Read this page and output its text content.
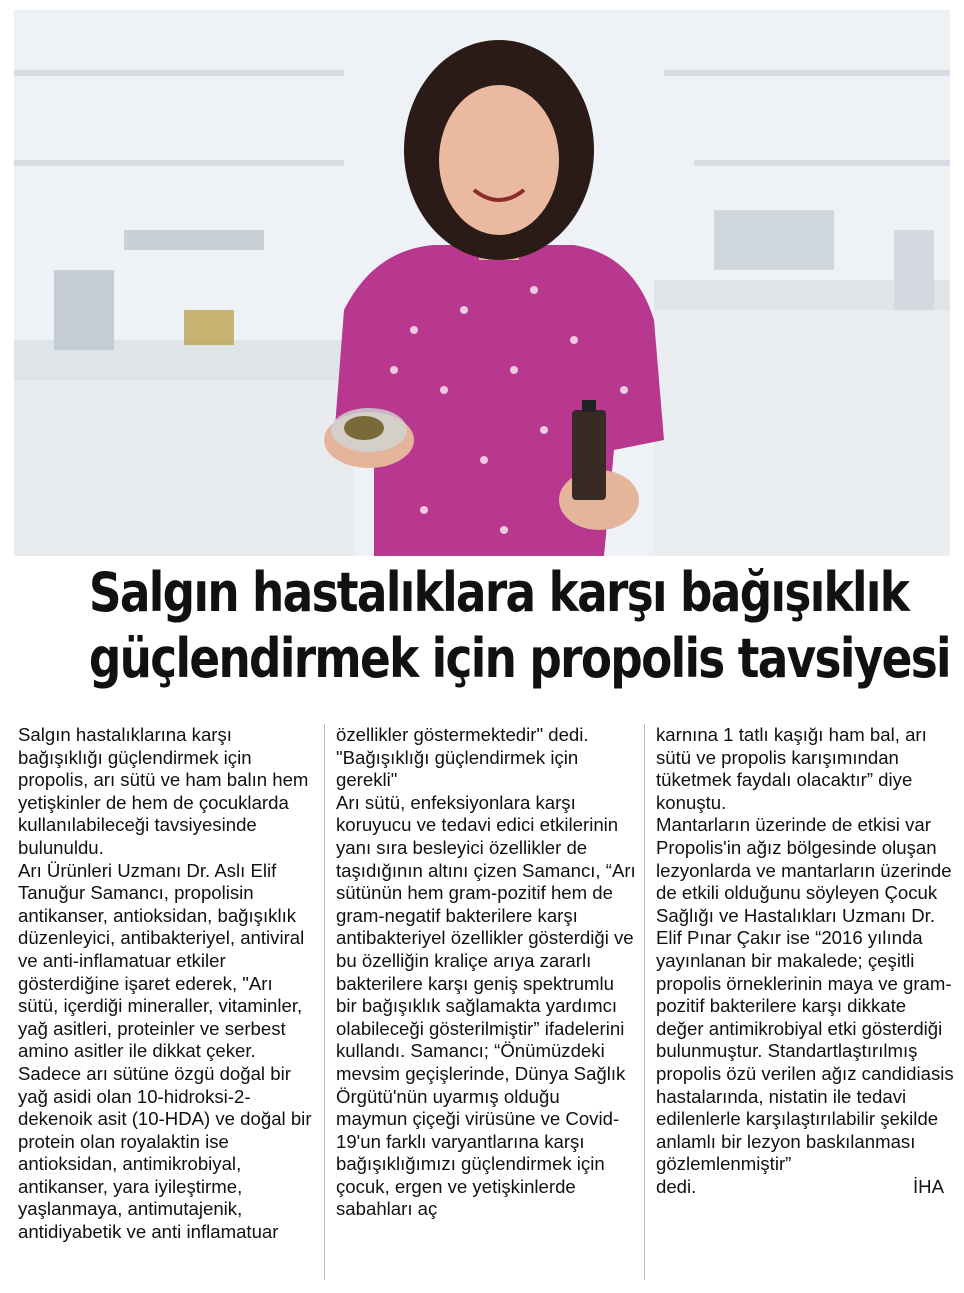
Salgın hastalıklara karşı bağışıklık
güçlendirmek için propolis tavsiyesi

Salgın hastalıklarına karşı bağışıklığı güçlendirmek için propolis, arı sütü ve ham balın hem yetişkinler de hem de çocuklarda kullanılabileceği tavsiyesinde bulunuldu.

Arı Ürünleri Uzmanı Dr. Aslı Elif Tanuğur Samancı, propolisin antikanser, antioksidan, bağışıklık düzenleyici, antibakteriyel, antiviral ve anti-inflamatuar etkiler gösterdiğine işaret ederek, "Arı sütü, içerdiği mineraller, vitaminler, yağ asitleri, proteinler ve serbest amino asitler ile dikkat çeker.

Sadece arı sütüne özgü doğal bir yağ asidi olan 10-hidroksi-2-dekenoik asit (10-HDA) ve doğal bir protein olan royalaktin ise antioksidan, antimikrobiyal, antikanser, yara iyileştirme, yaşlanmaya, antimutajenik, antidiyabetik ve anti inflamatuar

özellikler göstermektedir" dedi.

"Bağışıklığı güçlendirmek için gerekli"

Arı sütü, enfeksiyonlara karşı koruyucu ve tedavi edici etkilerinin yanı sıra besleyici özellikler de taşıdığının altını çizen Samancı, “Arı sütünün hem gram-pozitif hem de gram-negatif bakterilere karşı antibakteriyel özellikler gösterdiği ve bu özelliğin kraliçe arıya zararlı bakterilere karşı geniş spektrumlu bir bağışıklık sağlamakta yardımcı olabileceği gösterilmiştir” ifadelerini kullandı. Samancı; “Önümüzdeki mevsim geçişlerinde, Dünya Sağlık Örgütü'nün uyarmış olduğu maymun çiçeği virüsüne ve Covid-19'un farklı varyantlarına karşı bağışıklığımızı güçlendirmek için çocuk, ergen ve yetişkinlerde sabahları aç

karnına 1 tatlı kaşığı ham bal, arı sütü ve propolis karışımından tüketmek faydalı olacaktır” diye konuştu.

Mantarların üzerinde de etkisi var

Propolis'in ağız bölgesinde oluşan lezyonlarda ve mantarların üzerinde de etkili olduğunu söyleyen Çocuk Sağlığı ve Hastalıkları Uzmanı Dr. Elif Pınar Çakır ise “2016 yılında yayınlanan bir makalede; çeşitli propolis örneklerinin maya ve gram-pozitif bakterilere karşı dikkate değer antimikrobiyal etki gösterdiği bulunmuştur. Standartlaştırılmış propolis özü verilen ağız candidiasis hastalarında, nistatin ile tedavi edilenlerle karşılaştırılabilir şekilde anlamlı bir lezyon baskılanması gözlemlenmiştir”

dedi.	İHA
